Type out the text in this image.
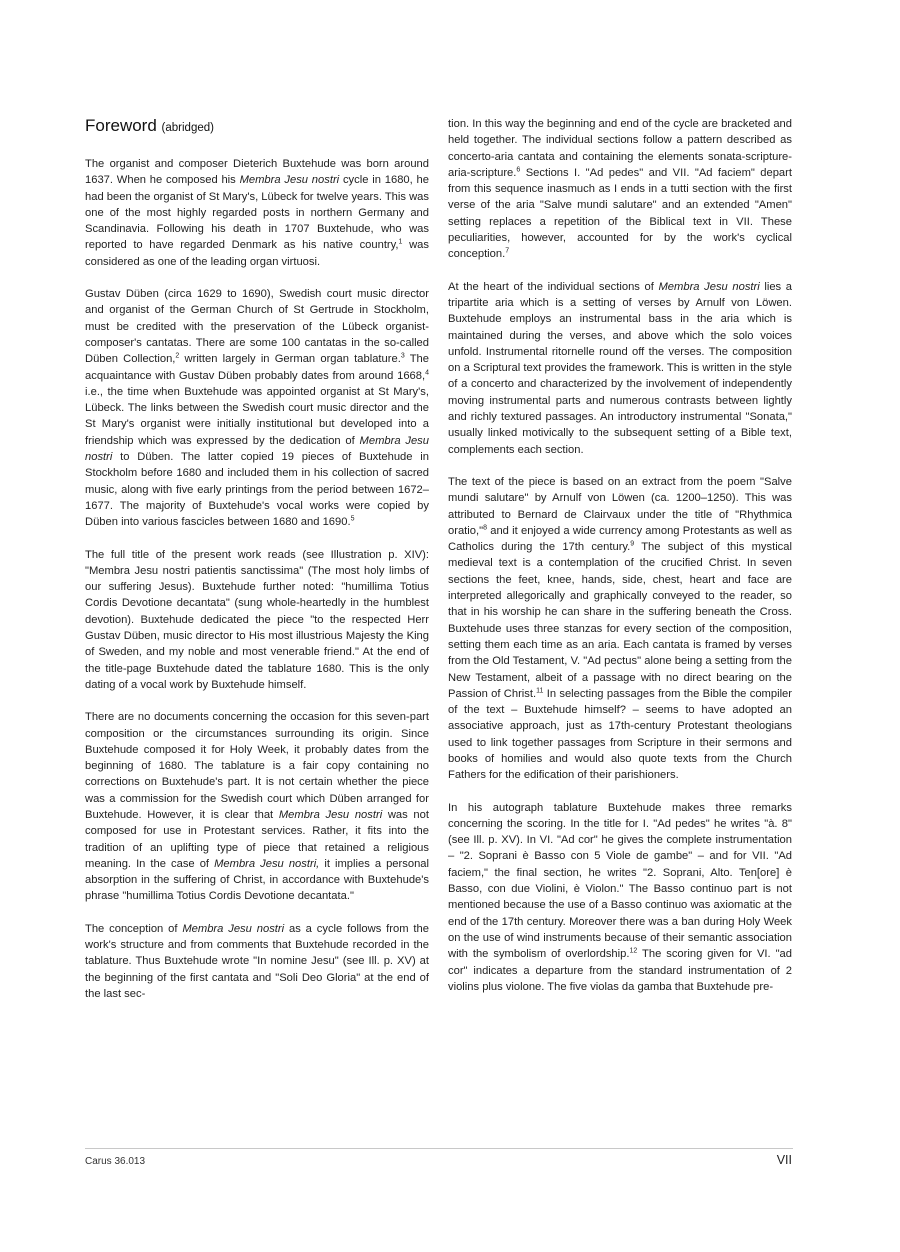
Foreword (abridged)

The organist and composer Dieterich Buxtehude was born around 1637. When he composed his Membra Jesu nostri cycle in 1680, he had been the organist of St Mary's, Lübeck for twelve years. This was one of the most highly regarded posts in northern Germany and Scandinavia. Following his death in 1707 Buxtehude, who was reported to have regarded Denmark as his native country,$^1$ was considered as one of the leading organ virtuosi.

Gustav Düben (circa 1629 to 1690), Swedish court music director and organist of the German Church of St Gertrude in Stockholm, must be credited with the preservation of the Lübeck organist-composer's cantatas. There are some 100 cantatas in the so-called Düben Collection,$^2$ written largely in German organ tablature.$^3$ The acquaintance with Gustav Düben probably dates from around 1668,$^4$ i.e., the time when Buxtehude was appointed organist at St Mary's, Lübeck. The links between the Swedish court music director and the St Mary's organist were initially institutional but developed into a friendship which was expressed by the dedication of Membra Jesu nostri to Düben. The latter copied 19 pieces of Buxtehude in Stockholm before 1680 and included them in his collection of sacred music, along with five early printings from the period between 1672–1677. The majority of Buxtehude's vocal works were copied by Düben into various fascicles between 1680 and 1690.$^5$

The full title of the present work reads (see Illustration p. XIV): "Membra Jesu nostri patientis sanctissima" (The most holy limbs of our suffering Jesus). Buxtehude further noted: "humillima Totius Cordis Devotione decantata" (sung whole-heartedly in the humblest devotion). Buxtehude dedicated the piece "to the respected Herr Gustav Düben, music director to His most illustrious Majesty the King of Sweden, and my noble and most venerable friend." At the end of the title-page Buxtehude dated the tablature 1680. This is the only dating of a vocal work by Buxtehude himself.

There are no documents concerning the occasion for this seven-part composition or the circumstances surrounding its origin. Since Buxtehude composed it for Holy Week, it probably dates from the beginning of 1680. The tablature is a fair copy containing no corrections on Buxtehude's part. It is not certain whether the piece was a commission for the Swedish court which Düben arranged for Buxtehude. However, it is clear that Membra Jesu nostri was not composed for use in Protestant services. Rather, it fits into the tradition of an uplifting type of piece that retained a religious meaning. In the case of Membra Jesu nostri, it implies a personal absorption in the suffering of Christ, in accordance with Buxtehude's phrase "humillima Totius Cordis Devotione decantata."

The conception of Membra Jesu nostri as a cycle follows from the work's structure and from comments that Buxtehude recorded in the tablature. Thus Buxtehude wrote "In nomine Jesu" (see Ill. p. XV) at the beginning of the first cantata and "Soli Deo Gloria" at the end of the last sec-

tion. In this way the beginning and end of the cycle are bracketed and held together. The individual sections follow a pattern described as concerto-aria cantata and containing the elements sonata-scripture-aria-scripture.$^6$ Sections I. "Ad pedes" and VII. "Ad faciem" depart from this sequence inasmuch as I ends in a tutti section with the first verse of the aria "Salve mundi salutare" and an extended "Amen" setting replaces a repetition of the Biblical text in VII. These peculiarities, however, accounted for by the work's cyclical conception.$^7$

At the heart of the individual sections of Membra Jesu nostri lies a tripartite aria which is a setting of verses by Arnulf von Löwen. Buxtehude employs an instrumental bass in the aria which is maintained during the verses, and above which the solo voices unfold. Instrumental ritornelle round off the verses. The composition on a Scriptural text provides the framework. This is written in the style of a concerto and characterized by the involvement of independently moving instrumental parts and numerous contrasts between lightly and richly textured passages. An introductory instrumental "Sonata," usually linked motivically to the subsequent setting of a Bible text, complements each section.

The text of the piece is based on an extract from the poem "Salve mundi salutare" by Arnulf von Löwen (ca. 1200–1250). This was attributed to Bernard de Clairvaux under the title of "Rhythmica oratio,"$^8$ and it enjoyed a wide currency among Protestants as well as Catholics during the 17th century.$^9$ The subject of this mystical medieval text is a contemplation of the crucified Christ. In seven sections the feet, knee, hands, side, chest, heart and face are interpreted allegorically and graphically conveyed to the reader, so that in his worship he can share in the suffering beneath the Cross. Buxtehude uses three stanzas for every section of the composition, setting them each time as an aria. Each cantata is framed by verses from the Old Testament, V. "Ad pectus" alone being a setting from the New Testament, albeit of a passage with no direct bearing on the Passion of Christ.$^{11}$ In selecting passages from the Bible the compiler of the text – Buxtehude himself? – seems to have adopted an associative approach, just as 17th-century Protestant theologians used to link together passages from Scripture in their sermons and books of homilies and would also quote texts from the Church Fathers for the edification of their parishioners.

In his autograph tablature Buxtehude makes three remarks concerning the scoring. In the title for I. "Ad pedes" he writes "à. 8" (see Ill. p. XV). In VI. "Ad cor" he gives the complete instrumentation – "2. Soprani è Basso con 5 Viole de gambe" – and for VII. "Ad faciem," the final section, he writes "2. Soprani, Alto. Ten[ore] è Basso, con due Violini, è Violon." The Basso continuo part is not mentioned because the use of a Basso continuo was axiomatic at the end of the 17th century. Moreover there was a ban during Holy Week on the use of wind instruments because of their semantic association with the symbolism of overlordship.$^{12}$ The scoring given for VI. "ad cor" indicates a departure from the standard instrumentation of 2 violins plus violone. The five violas da gamba that Buxtehude pre-

Carus 36.013	VII
